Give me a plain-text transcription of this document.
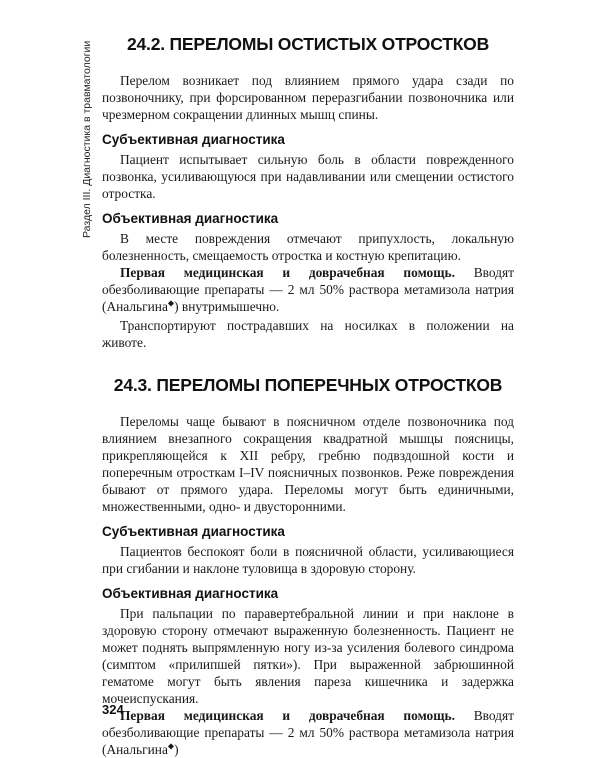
Раздел III. Диагностика в травматологии	24.2. ПЕРЕЛОМЫ ОСТИСТЫХ ОТРОСТКОВ

Перелом возникает под влиянием прямого удара сзади по позвоночнику, при форсированном переразгибании позвоночника или чрезмерном сокращении длинных мышц спины.

Субъективная диагностика

Пациент испытывает сильную боль в области поврежденного позвонка, усиливающуюся при надавливании или смещении остистого отростка.

Объективная диагностика

В месте повреждения отмечают припухлость, локальную болезненность, смещаемость отростка и костную крепитацию.

Первая медицинская и доврачебная помощь. Вводят обезболивающие препараты — 2 мл 50% раствора метамизола натрия (Анальгина◆) внутримышечно.

Транспортируют пострадавших на носилках в положении на животе.

24.3. ПЕРЕЛОМЫ ПОПЕРЕЧНЫХ ОТРОСТКОВ

Переломы чаще бывают в поясничном отделе позвоночника под влиянием внезапного сокращения квадратной мышцы поясницы, прикрепляющейся к XII ребру, гребню подвздошной кости и поперечным отросткам I–IV поясничных позвонков. Реже повреждения бывают от прямого удара. Переломы могут быть единичными, множественными, одно- и двусторонними.

Субъективная диагностика

Пациентов беспокоят боли в поясничной области, усиливающиеся при сгибании и наклоне туловища в здоровую сторону.

Объективная диагностика

При пальпации по паравертебральной линии и при наклоне в здоровую сторону отмечают выраженную болезненность. Пациент не может поднять выпрямленную ногу из-за усиления болевого синдрома (симптом «прилипшей пятки»). При выраженной забрюшинной гематоме могут быть явления пареза кишечника и задержка мочеиспускания.

Первая медицинская и доврачебная помощь. Вводят обезболивающие препараты — 2 мл 50% раствора метамизола натрия (Анальгина◆)

324
